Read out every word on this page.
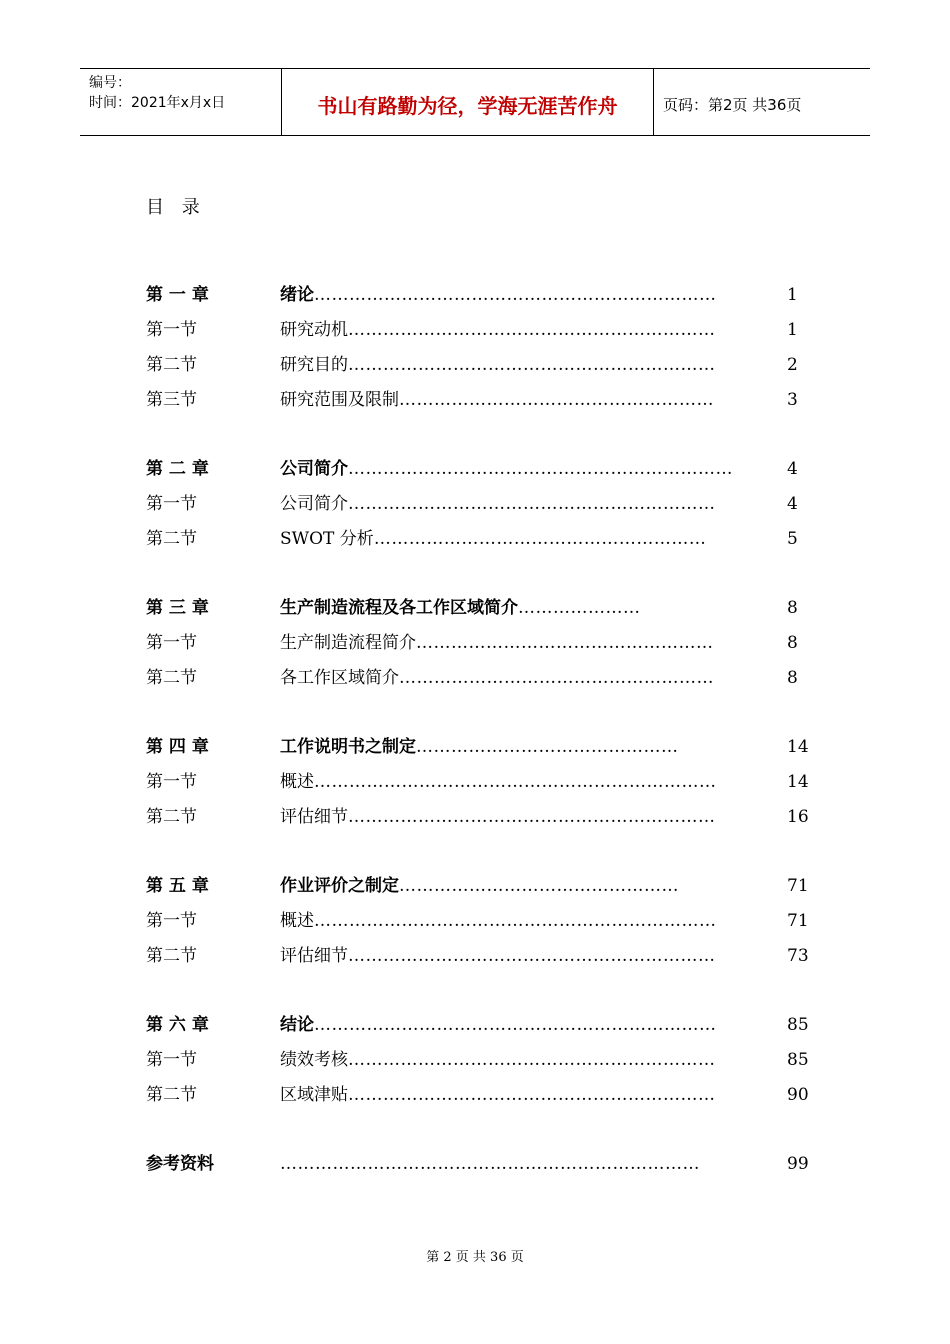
编号：
时间：2021年x月x日	书山有路勤为径，学海无涯苦作舟	页码：第2页 共36页
目 录
第 一 章	绪论……………………………………………………………	1
第一节	研究动机………………………………………………………	1
第二节	研究目的………………………………………………………	2
第三节	研究范围及限制………………………………………………	3
第 二 章	公司简介…………………………………………………………	4
第一节	公司简介………………………………………………………	4
第二节	SWOT 分析…………………………………………………	5
第 三 章	生产制造流程及各工作区域简介…………………	8
第一节	生产制造流程简介……………………………………………	8
第二节	各工作区域简介………………………………………………	8
第 四 章	工作说明书之制定………………………………………	14
第一节	概述……………………………………………………………	14
第二节	评估细节………………………………………………………	16
第 五 章	作业评价之制定…………………………………………	71
第一节	概述……………………………………………………………	71
第二节	评估细节………………………………………………………	73
第 六 章	结论……………………………………………………………	85
第一节	绩效考核………………………………………………………	85
第二节	区域津贴………………………………………………………	90
参考资料	………………………………………………………………	99
第 2 页 共 36 页
